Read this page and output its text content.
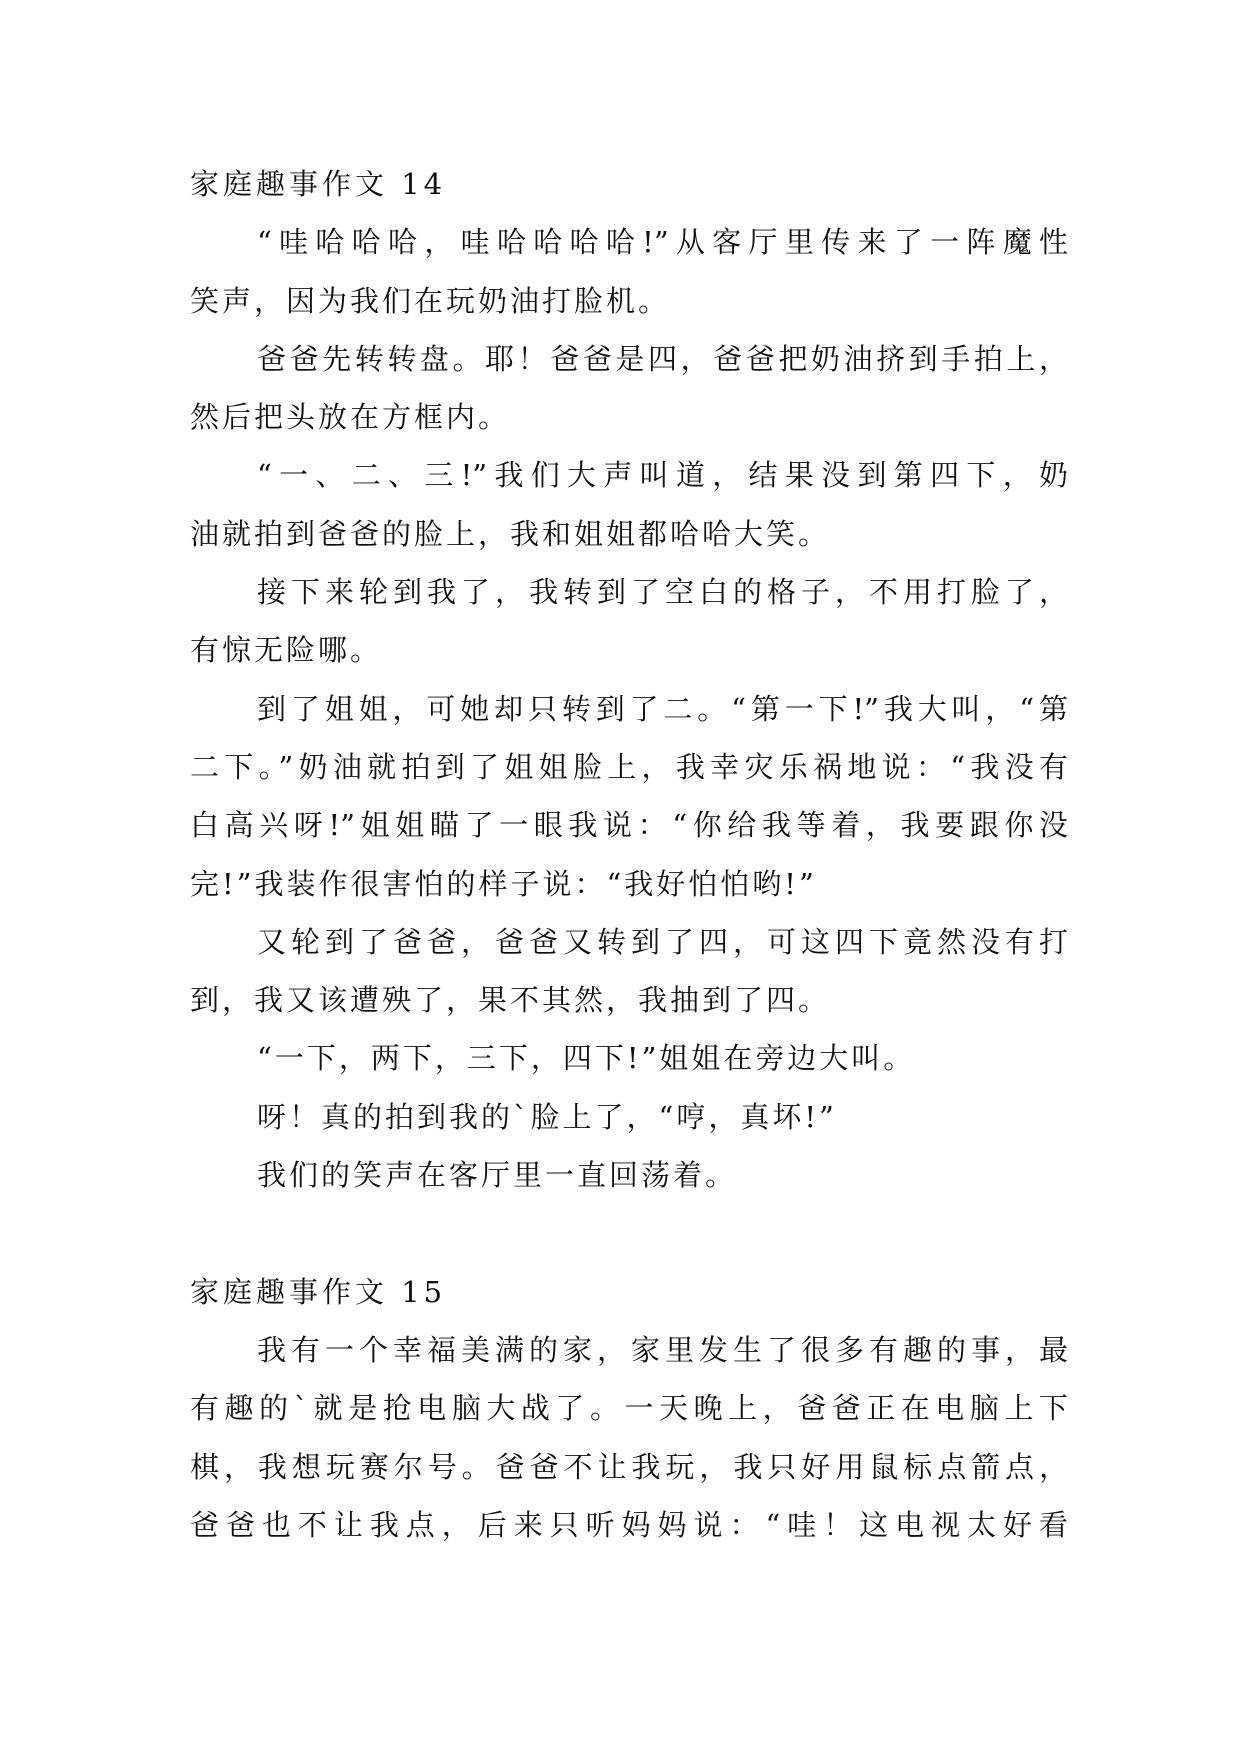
家庭趣事作文 14
“哇哈哈哈，哇哈哈哈哈!”从客厅里传来了一阵魔性
笑声，因为我们在玩奶油打脸机。
爸爸先转转盘。耶！爸爸是四，爸爸把奶油挤到手拍上，
然后把头放在方框内。
“一、二、三!”我们大声叫道，结果没到第四下，奶
油就拍到爸爸的脸上，我和姐姐都哈哈大笑。
接下来轮到我了，我转到了空白的格子，不用打脸了，
有惊无险哪。
到了姐姐，可她却只转到了二。“第一下!”我大叫，“第
二下。”奶油就拍到了姐姐脸上，我幸灾乐祸地说：“我没有
白高兴呀!”姐姐瞄了一眼我说：“你给我等着，我要跟你没
完!”我装作很害怕的样子说：“我好怕怕哟!”
又轮到了爸爸，爸爸又转到了四，可这四下竟然没有打
到，我又该遭殃了，果不其然，我抽到了四。
“一下，两下，三下，四下!”姐姐在旁边大叫。
呀！真的拍到我的`脸上了，“哼，真坏!”
我们的笑声在客厅里一直回荡着。
家庭趣事作文 15
我有一个幸福美满的家，家里发生了很多有趣的事，最
有趣的`就是抢电脑大战了。一天晚上，爸爸正在电脑上下
棋，我想玩赛尔号。爸爸不让我玩，我只好用鼠标点箭点，
爸爸也不让我点，后来只听妈妈说：“哇！这电视太好看
